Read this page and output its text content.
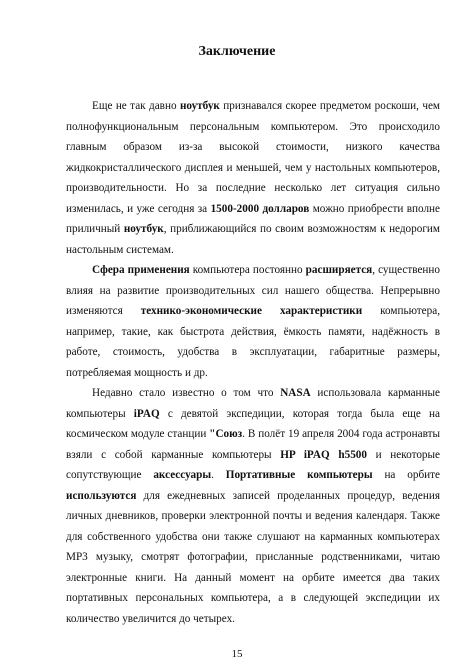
Заключение

Еще не так давно ноутбук признавался скорее предметом роскоши, чем полнофункциональным персональным компьютером. Это происходило главным образом из-за высокой стоимости, низкого качества жидкокристаллического дисплея и меньшей, чем у настольных компьютеров, производительности. Но за последние несколько лет ситуация сильно изменилась, и уже сегодня за 1500-2000 долларов можно приобрести вполне приличный ноутбук, приближающийся по своим возможностям к недорогим настольным системам.

Сфера применения компьютера постоянно расширяется, существенно влияя на развитие производительных сил нашего общества. Непрерывно изменяются технико-экономические характеристики компьютера, например, такие, как быстрота действия, ёмкость памяти, надёжность в работе, стоимость, удобства в эксплуатации, габаритные размеры, потребляемая мощность и др.

Недавно стало известно о том что NASA использовала карманные компьютеры iPAQ с девятой экспедиции, которая тогда была еще на космическом модуле станции "Союз. В полёт 19 апреля 2004 года астронавты взяли с собой карманные компьютеры HP iPAQ h5500 и некоторые сопутствующие аксессуары. Портативные компьютеры на орбите используются для ежедневных записей проделанных процедур, ведения личных дневников, проверки электронной почты и ведения календаря. Также для собственного удобства они также слушают на карманных компьютерах МР3 музыку, смотрят фотографии, присланные родственниками, читаю электронные книги. На данный момент на орбите имеется два таких портативных персональных компьютера, а в следующей экспедиции их количество увеличится до четырех.

15
